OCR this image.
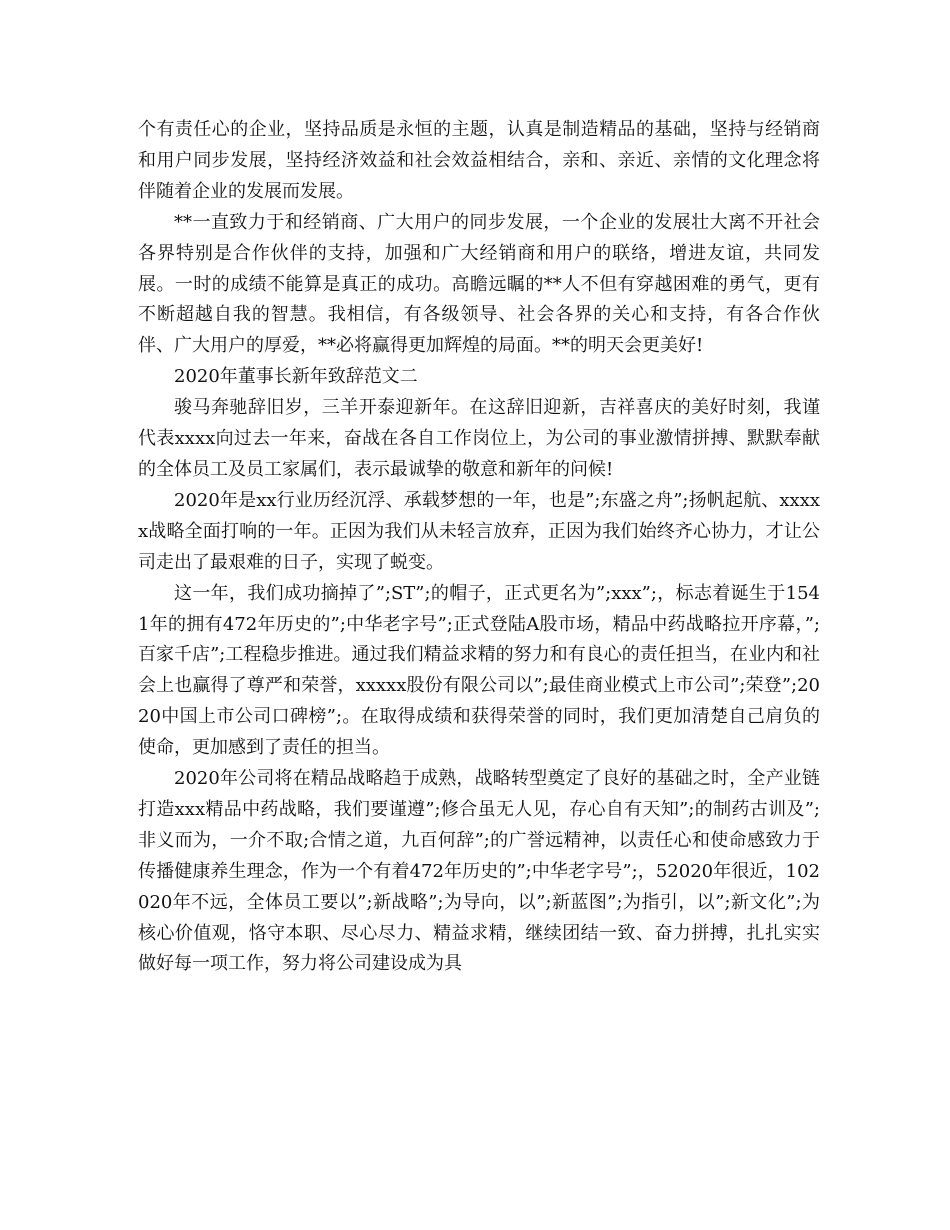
个有责任心的企业，坚持品质是永恒的主题，认真是制造精品的基础，坚持与经销商和用户同步发展，坚持经济效益和社会效益相结合，亲和、亲近、亲情的文化理念将伴随着企业的发展而发展。

**一直致力于和经销商、广大用户的同步发展，一个企业的发展壮大离不开社会各界特别是合作伙伴的支持，加强和广大经销商和用户的联络，增进友谊，共同发展。一时的成绩不能算是真正的成功。高瞻远瞩的**人不但有穿越困难的勇气，更有不断超越自我的智慧。我相信，有各级领导、社会各界的关心和支持，有各合作伙伴、广大用户的厚爱，**必将赢得更加辉煌的局面。**的明天会更美好!

2020年董事长新年致辞范文二

骏马奔驰辞旧岁，三羊开泰迎新年。在这辞旧迎新，吉祥喜庆的美好时刻，我谨代表xxxx向过去一年来，奋战在各自工作岗位上，为公司的事业激情拼搏、默默奉献的全体员工及员工家属们，表示最诚挚的敬意和新年的问候!

2020年是xx行业历经沉浮、承载梦想的一年，也是”;东盛之舟”;扬帆起航、xxxxx战略全面打响的一年。正因为我们从未轻言放弃，正因为我们始终齐心协力，才让公司走出了最艰难的日子，实现了蜕变。

这一年，我们成功摘掉了”;ST”;的帽子，正式更名为”;xxx”;，标志着诞生于1541年的拥有472年历史的”;中华老字号”;正式登陆A股市场，精品中药战略拉开序幕，”;百家千店”;工程稳步推进。通过我们精益求精的努力和有良心的责任担当，在业内和社会上也赢得了尊严和荣誉，xxxxx股份有限公司以”;最佳商业模式上市公司”;荣登”;2020中国上市公司口碑榜”;。在取得成绩和获得荣誉的同时，我们更加清楚自己肩负的使命，更加感到了责任的担当。

2020年公司将在精品战略趋于成熟，战略转型奠定了良好的基础之时，全产业链打造xxx精品中药战略，我们要谨遵”;修合虽无人见，存心自有天知”;的制药古训及”;非义而为，一介不取;合情之道，九百何辞”;的广誉远精神，以责任心和使命感致力于传播健康养生理念，作为一个有着472年历史的”;中华老字号”;，52020年很近，102020年不远，全体员工要以”;新战略”;为导向，以”;新蓝图”;为指引，以”;新文化”;为核心价值观，恪守本职、尽心尽力、精益求精，继续团结一致、奋力拼搏，扎扎实实做好每一项工作，努力将公司建设成为具
